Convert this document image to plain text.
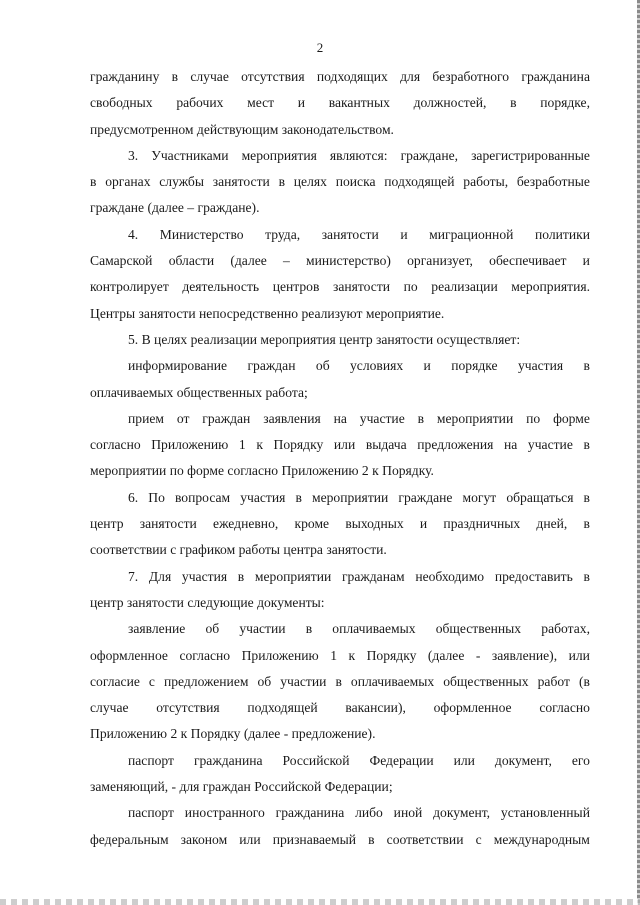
2
гражданину в случае отсутствия подходящих для безработного гражданина
свободных рабочих мест и вакантных должностей, в порядке,
предусмотренном действующим законодательством.
3. Участниками мероприятия являются: граждане, зарегистрированные
в органах службы занятости в целях поиска подходящей работы, безработные
граждане (далее – граждане).
4. Министерство труда, занятости и миграционной политики
Самарской области (далее – министерство) организует, обеспечивает и
контролирует деятельность центров занятости по реализации мероприятия.
Центры занятости непосредственно реализуют мероприятие.
5. В целях реализации мероприятия центр занятости осуществляет:
информирование граждан об условиях и порядке участия в
оплачиваемых общественных работа;
прием от граждан заявления на участие в мероприятии по форме
согласно Приложению 1 к Порядку или выдача предложения на участие в
мероприятии по форме согласно Приложению 2 к Порядку.
6. По вопросам участия в мероприятии граждане могут обращаться в
центр занятости ежедневно, кроме выходных и праздничных дней, в
соответствии с графиком работы центра занятости.
7. Для участия в мероприятии гражданам необходимо предоставить в
центр занятости следующие документы:
заявление об участии в оплачиваемых общественных работах,
оформленное согласно Приложению 1 к Порядку (далее - заявление), или
согласие с предложением об участии в оплачиваемых общественных работ (в
случае отсутствия подходящей вакансии), оформленное согласно
Приложению 2 к Порядку (далее - предложение).
паспорт гражданина Российской Федерации или документ, его
заменяющий, - для граждан Российской Федерации;
паспорт иностранного гражданина либо иной документ, установленный
федеральным законом или признаваемый в соответствии с международным
